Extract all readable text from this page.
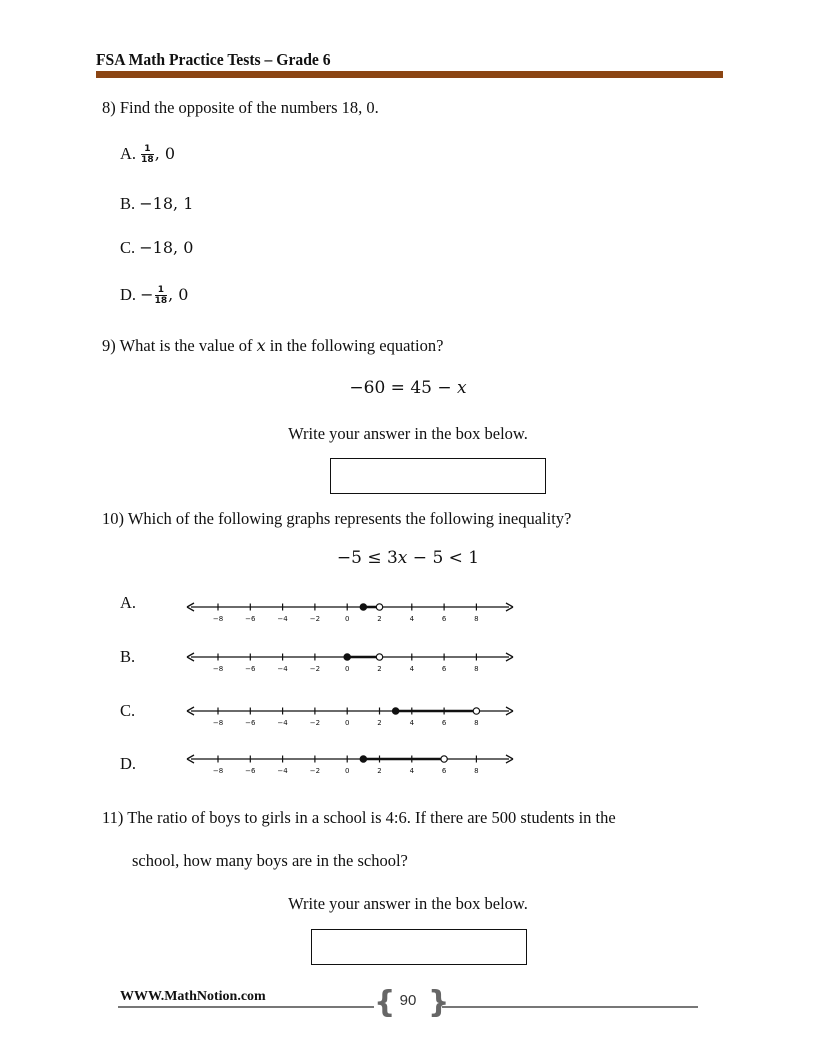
FSA Math Practice Tests – Grade 6
8) Find the opposite of the numbers 18, 0.
A. $\frac{1}{18}$ , 0
B. −18, 1
C. −18, 0
D. − $\frac{1}{18}$ , 0
9) What is the value of x in the following equation?
−60 = 45 − x
Write your answer in the box below.
10) Which of the following graphs represents the following inequality?
−5 ≤ 3x − 5 < 1
A.
−8	−6	−4	−2	0	2	4	6	8
B.
−8	−6	−4	−2	0	2	4	6	8
C.
−8	−6	−4	−2	0	2	4	6	8
D.	−8	−6	−4	−2	0	2	4	6	8
11) The ratio of boys to girls in a school is 4:6. If there are 500 students in the
school, how many boys are in the school?
Write your answer in the box below.
WWW.MathNotion.com	{ }
90
